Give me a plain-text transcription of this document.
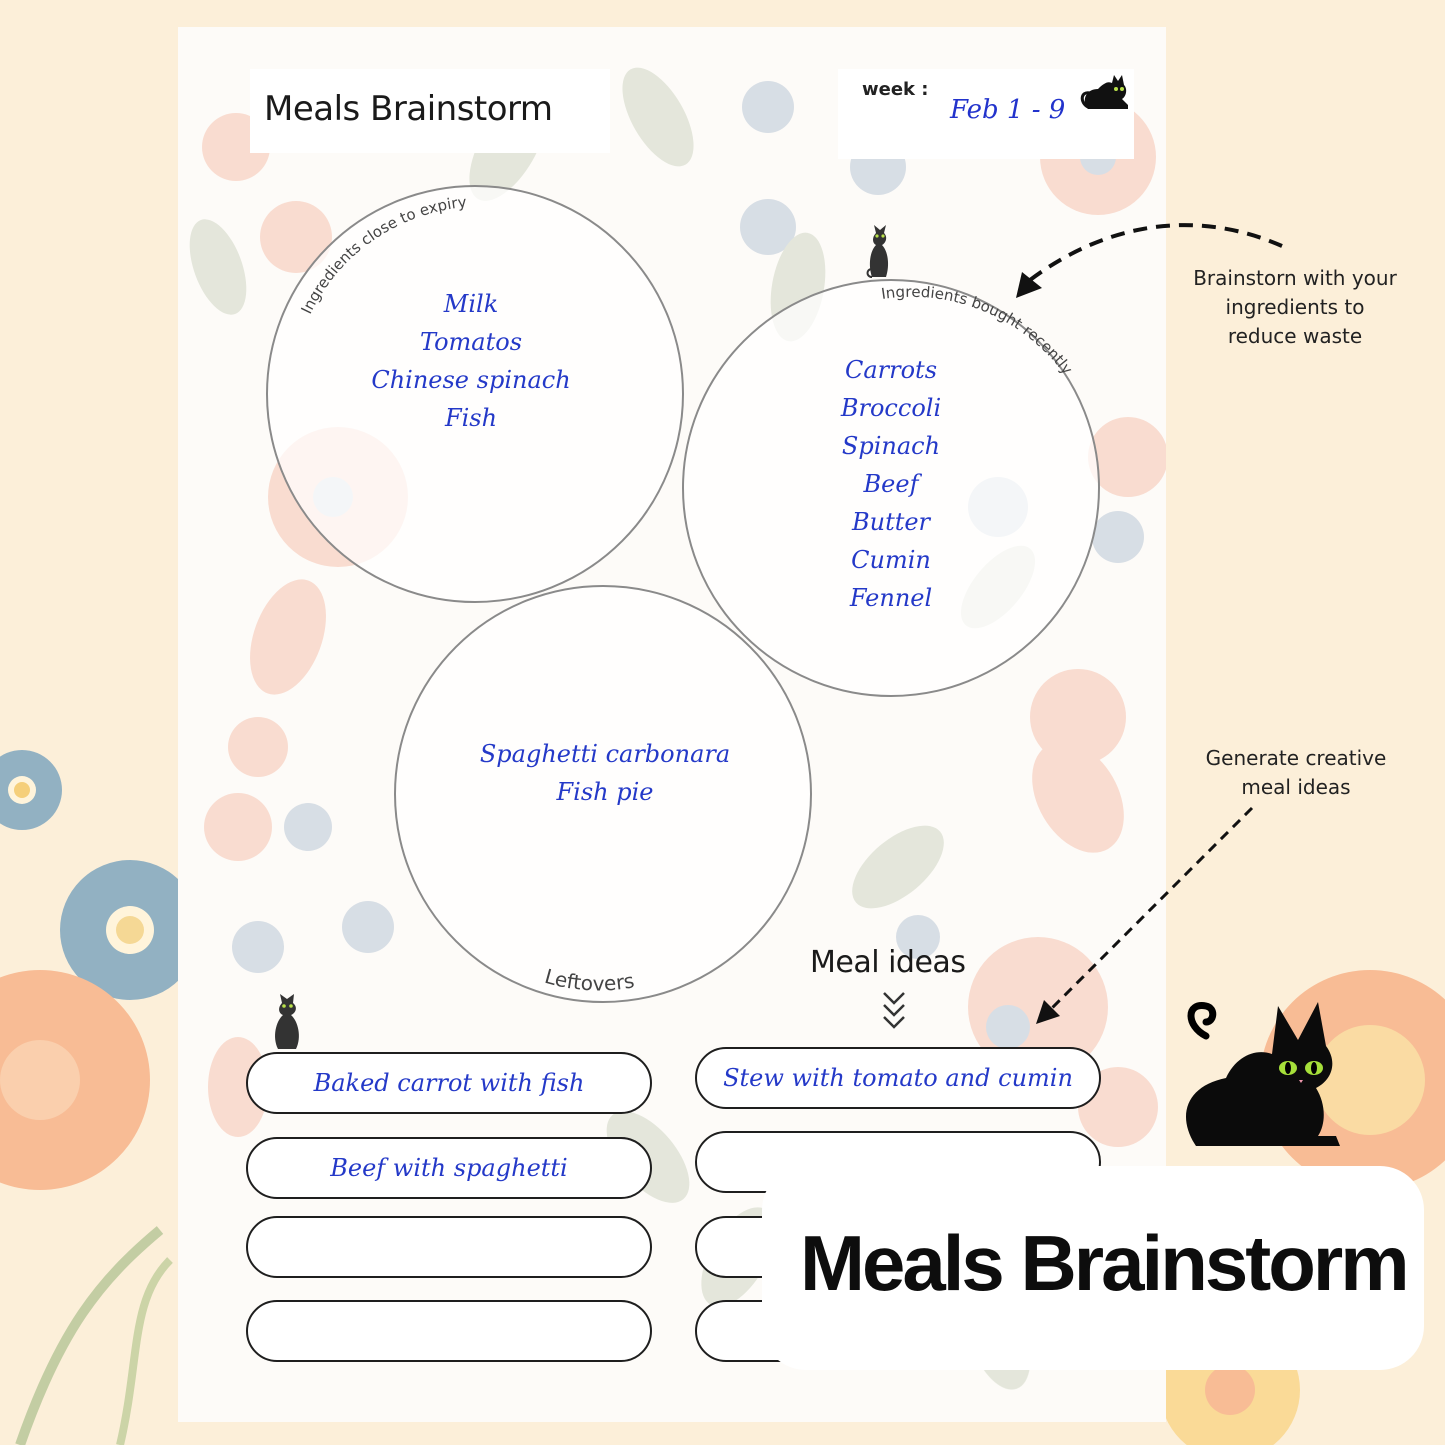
Meals Brainstorm	week :
Feb 1 - 9
Ingredients close to expiry
Milk
Tomatos
Chinese spinach
Fish
Ingredients bought recently
Carrots
Broccoli
Spinach
Beef
Butter
Cumin
Fennel
Leftovers
Spaghetti carbonara
Fish pie
Meal ideas
Baked carrot with fish
Beef with spaghetti
Stew with tomato and cumin
Brainstorn with your
ingredients to
reduce waste
Generate creative
meal ideas
Meals Brainstorm
